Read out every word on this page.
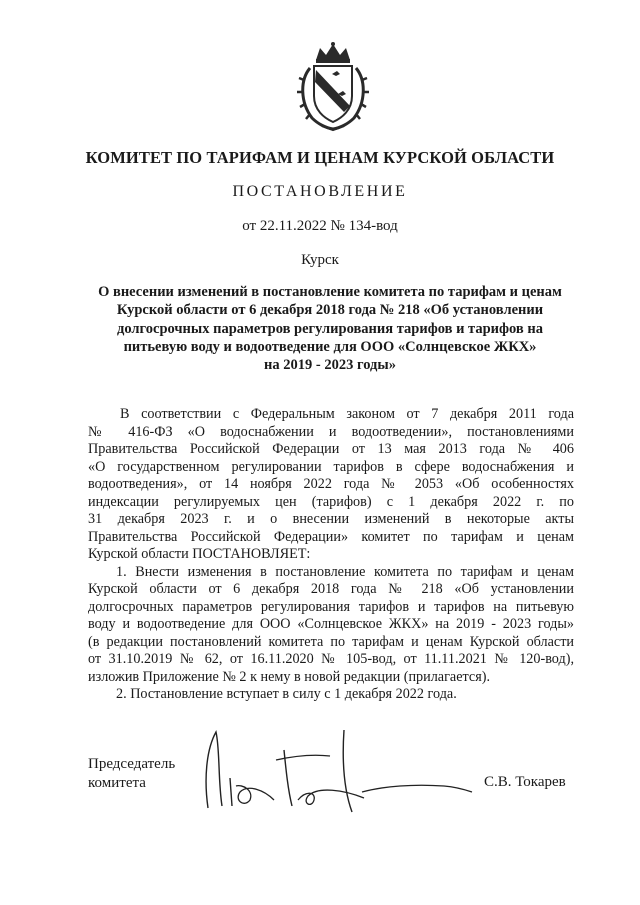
КОМИТЕТ ПО ТАРИФАМ И ЦЕНАМ КУРСКОЙ ОБЛАСТИ
ПОСТАНОВЛЕНИЕ
от 22.11.2022 № 134-вод
Курск
О внесении изменений в постановление комитета по тарифам и ценам
Курской области от 6 декабря 2018 года № 218 «Об установлении
долгосрочных параметров регулирования тарифов и тарифов на
питьевую воду и водоотведение для ООО «Солнцевское ЖКХ»
на 2019 - 2023 годы»

В соответствии с Федеральным законом от 7 декабря 2011 года
№ 416-ФЗ «О водоснабжении и водоотведении», постановлениями
Правительства Российской Федерации от 13 мая 2013 года № 406
«О государственном регулировании тарифов в сфере водоснабжения и
водоотведения», от 14 ноября 2022 года № 2053 «Об особенностях
индексации регулируемых цен (тарифов) с 1 декабря 2022 г. по
31 декабря 2023 г. и о внесении изменений в некоторые акты
Правительства Российской Федерации» комитет по тарифам и ценам
Курской области ПОСТАНОВЛЯЕТ:

1. Внести изменения в постановление комитета по тарифам и ценам
Курской области от 6 декабря 2018 года № 218 «Об установлении
долгосрочных параметров регулирования тарифов и тарифов на питьевую
воду и водоотведение для ООО «Солнцевское ЖКХ» на 2019 - 2023 годы»
(в редакции постановлений комитета по тарифам и ценам Курской области
от 31.10.2019 № 62, от 16.11.2020 № 105-вод, от 11.11.2021 № 120-вод),
изложив Приложение № 2 к нему в новой редакции (прилагается).

2. Постановление вступает в силу с 1 декабря 2022 года.

Председатель
комитета	С.В. Токарев
